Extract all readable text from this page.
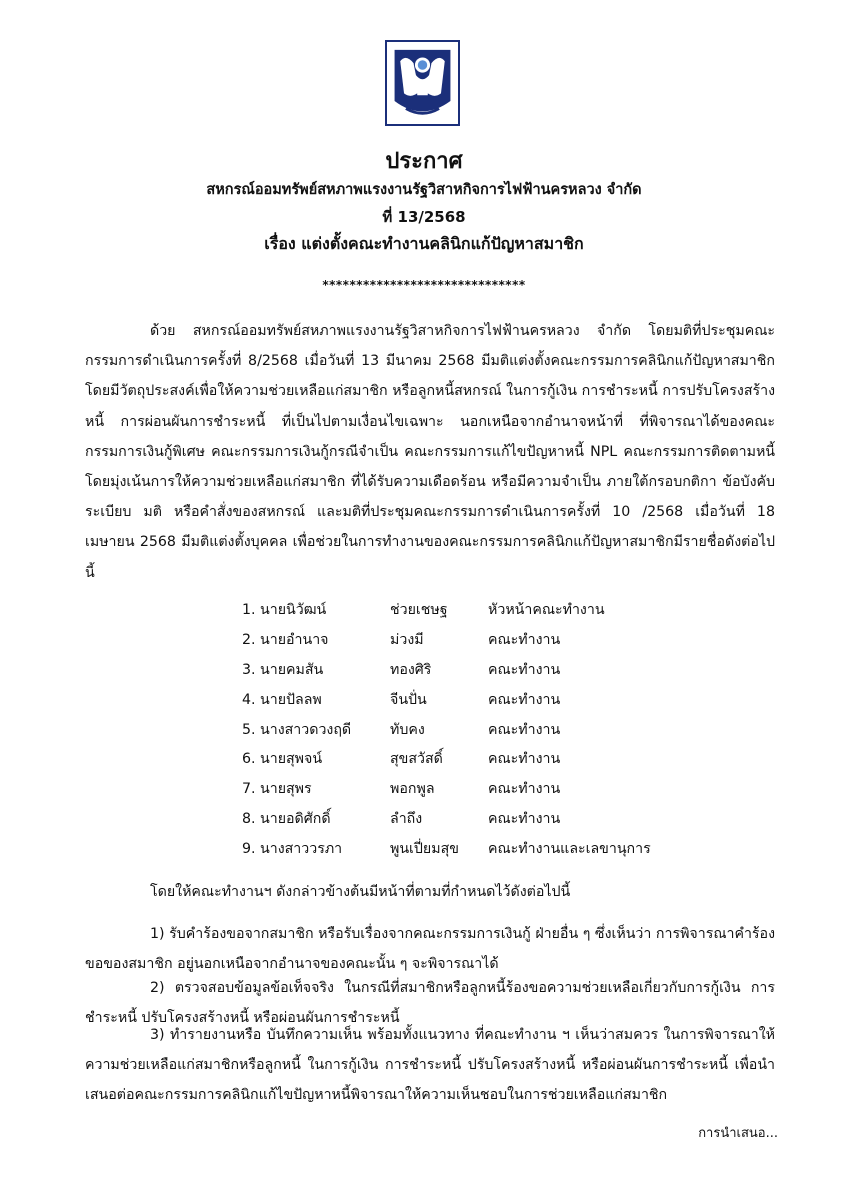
ประกาศ
สหกรณ์ออมทรัพย์สหภาพแรงงานรัฐวิสาหกิจการไฟฟ้านครหลวง จำกัด
ที่ 13/2568
เรื่อง แต่งตั้งคณะทำงานคลินิกแก้ปัญหาสมาชิก
******************************
ด้วย สหกรณ์ออมทรัพย์สหภาพแรงงานรัฐวิสาหกิจการไฟฟ้านครหลวง จำกัด โดยมติที่ประชุมคณะกรรมการดำเนินการครั้งที่ 8/2568 เมื่อวันที่ 13 มีนาคม 2568 มีมติแต่งตั้งคณะกรรมการคลินิกแก้ปัญหาสมาชิก โดยมีวัตถุประสงค์เพื่อให้ความช่วยเหลือแก่สมาชิก หรือลูกหนี้สหกรณ์ ในการกู้เงิน การชำระหนี้ การปรับโครงสร้างหนี้ การผ่อนผันการชำระหนี้ ที่เป็นไปตามเงื่อนไขเฉพาะ นอกเหนือจากอำนาจหน้าที่ ที่พิจารณาได้ของคณะกรรมการเงินกู้พิเศษ คณะกรรมการเงินกู้กรณีจำเป็น คณะกรรมการแก้ไขปัญหาหนี้ NPL คณะกรรมการติดตามหนี้ โดยมุ่งเน้นการให้ความช่วยเหลือแก่สมาชิก ที่ได้รับความเดือดร้อน หรือมีความจำเป็น ภายใต้กรอบกติกา ข้อบังคับ ระเบียบ มติ หรือคำสั่งของสหกรณ์ และมติที่ประชุมคณะกรรมการดำเนินการครั้งที่ 10 /2568 เมื่อวันที่ 18 เมษายน 2568 มีมติแต่งตั้งบุคคล เพื่อช่วยในการทำงานของคณะกรรมการคลินิกแก้ปัญหาสมาชิกมีรายชื่อดังต่อไปนี้
1. นายนิวัฒน์	ช่วยเชษฐ	หัวหน้าคณะทำงาน
2. นายอำนาจ	ม่วงมี	คณะทำงาน
3. นายคมสัน	ทองศิริ	คณะทำงาน
4. นายปัลลพ	จีนปั่น	คณะทำงาน
5. นางสาวดวงฤดี	ทับคง	คณะทำงาน
6. นายสุพจน์	สุขสวัสดิ์	คณะทำงาน
7. นายสุพร	พอกพูล	คณะทำงาน
8. นายอดิศักดิ์	ลำถึง	คณะทำงาน
9. นางสาววรภา	พูนเปี่ยมสุข	คณะทำงานและเลขานุการ
โดยให้คณะทำงานฯ ดังกล่าวข้างต้นมีหน้าที่ตามที่กำหนดไว้ดังต่อไปนี้
1) รับคำร้องขอจากสมาชิก หรือรับเรื่องจากคณะกรรมการเงินกู้ ฝ่ายอื่น ๆ ซึ่งเห็นว่า การพิจารณาคำร้องขอของสมาชิก อยู่นอกเหนือจากอำนาจของคณะนั้น ๆ จะพิจารณาได้
2) ตรวจสอบข้อมูลข้อเท็จจริง ในกรณีที่สมาชิกหรือลูกหนี้ร้องขอความช่วยเหลือเกี่ยวกับการกู้เงิน การชำระหนี้ ปรับโครงสร้างหนี้ หรือผ่อนผันการชำระหนี้
3) ทำรายงานหรือ บันทึกความเห็น พร้อมทั้งแนวทาง ที่คณะทำงาน ฯ เห็นว่าสมควร ในการพิจารณาให้ความช่วยเหลือแก่สมาชิกหรือลูกหนี้ ในการกู้เงิน การชำระหนี้ ปรับโครงสร้างหนี้ หรือผ่อนผันการชำระหนี้ เพื่อนำเสนอต่อคณะกรรมการคลินิกแก้ไขปัญหาหนี้พิจารณาให้ความเห็นชอบในการช่วยเหลือแก่สมาชิก
การนำเสนอ...
